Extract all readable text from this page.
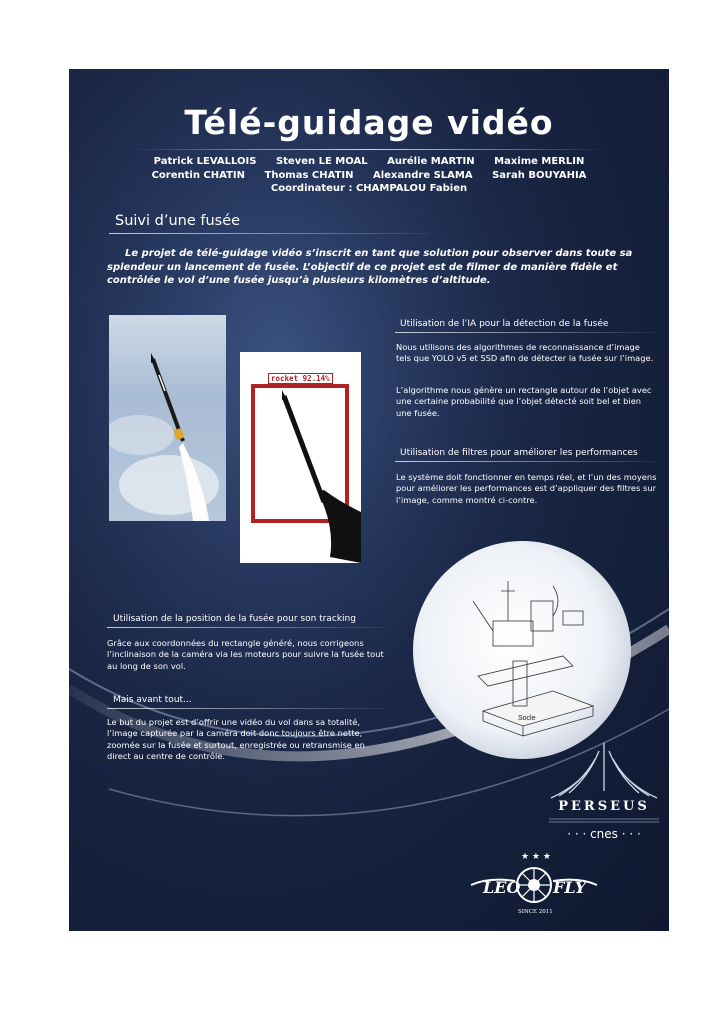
Télé-guidage vidéo
Patrick LEVALLOIS Steven LE MOAL Aurélie MARTIN Maxime MERLIN
Corentin CHATIN Thomas CHATIN Alexandre SLAMA Sarah BOUYAHIA
Coordinateur : CHAMPALOU Fabien
Suivi d’une fusée
Le projet de télé-guidage vidéo s’inscrit en tant que solution pour observer dans toute sa splendeur un lancement de fusée. L’objectif de ce projet est de filmer de manière fidèle et contrôlée le vol d’une fusée jusqu’à plusieurs kilomètres d’altitude.
rocket 92.14%
Utilisation de l’IA pour la détection de la fusée
Nous utilisons des algorithmes de reconnaissance d’image tels que YOLO v5 et SSD afin de détecter la fusée sur l’image.
L’algorithme nous génère un rectangle autour de l’objet avec une certaine probabilité que l’objet détecté soit bel et bien une fusée.
Utilisation de filtres pour améliorer les performances
Le système doit fonctionner en temps réel, et l’un des moyens pour améliorer les performances est d’appliquer des filtres sur l’image, comme montré ci-contre.
Socle
Utilisation de la position de la fusée pour son tracking
Grâce aux coordonnées du rectangle généré, nous corrigeons l’inclinaison de la caméra via les moteurs pour suivre la fusée tout au long de son vol.
Mais avant tout...
Le but du projet est d’offrir une vidéo du vol dans sa totalité, l’image capturée par la caméra doit donc toujours être nette, zoomée sur la fusée et surtout, enregistrée ou retransmise en direct au centre de contrôle.
PERSEUS
· · · cnes · · ·
★ ★ ★
LEO FLY
SINCE 2011
